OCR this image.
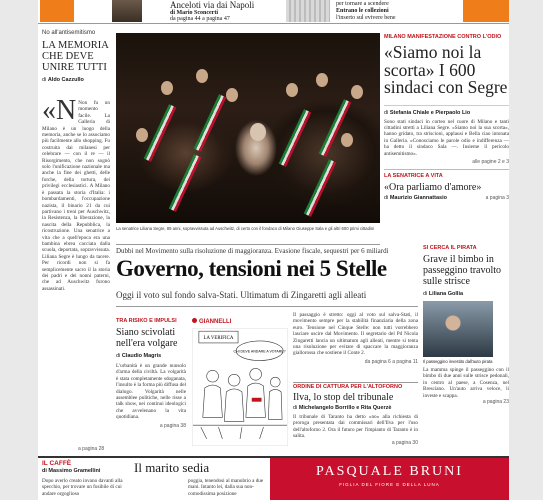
Anceloti via dai Napoli
di Mario Sconcerti
da pagina 44 a pagina 47
per tornare a scendere
Entrano le collezioni
l'inserto sul evivere bene
No all'antisemitismo
LA MEMORIA CHE DEVE UNIRE TUTTI
di Aldo Cazzullo
«N Non fu un momento facile. La Galleria di Milano è un luogo della memoria, anche se lo associamo più facilmente allo shopping. Fu costruita dai milanesi per celebrare — con il re — il Risorgimento, che non sognò solo l'unificazione nazionale ma anche la fine dei ghetti, delle forche, della tortura, dei privilegi ecclesiastici. A Milano è passata la storia d'Italia: i bombardamenti, l'occupazione nazista, il binario 21 da cui partivano i treni per Auschwitz, la Resistenza, la liberazione, la nascita della Repubblica, la ricostruzione. Una senatrice a vita che a quell'epoca era una bambina ebrea cacciata dalla scuola, deportata, sopravvissuta. Liliana Segre è lungo da tacere. Per ricordi non si fa semplicemente sacro il la storia dei padri e dei nonni paterni, che ad Auschwitz furono assassinati.
a pagina 28
La senatrice Liliana Segre, 89 anni, sopravvissuta ad Auschwitz, di certo con il fondaco di Milano Giuseppe Sala e gli altri 600 primi cittadini
MILANO MANIFESTAZIONE CONTRO L'ODIO
«Siamo noi la scorta» I 600 sindaci con Segre
di Stefania Chiale e Pierpaolo Lio
Sono stati sindaci in corteo nel cuore di Milano e tanti cittadini stretti a Liliana Segre. «Siamo noi la sua scorta», hanno gridato, tra striscioni, applausi e Bella ciao intonata in Galleria. «Conosciamo le parole odio e indifferenza — ha detto il sindaco Sala —. Insieme il pericolo antisemitismo».
alle pagine 2 e 3
LA SENATRICE A VITA
«Ora parliamo d'amore»
di Maurizio Giannattasio	a pagina 3
Dubbi nel Movimento sulla risoluzione di maggioranza. Evasione fiscale, sequestri per 6 miliardi
Governo, tensioni nei 5 Stelle
Oggi il voto sul fondo salva-Stati. Ultimatum di Zingaretti agli alleati
TRA RISIKO E IMPULSI
Siano scivolati nell'era volgare
di Claudio Magris
L'urbanità è un grande nunsolo d'arma della civiltà. La volgarità è stata completamente sdoganata, l'insulto è la forma più diffusa del dialogo. Volgarità nelle assemblee politiche, nelle risse a talk show, nei continui ideologici che avvelenano la vita quotidiana.
a pagina 38
GIANNELLI
LA VERIFICA
CHI DEVE ANDARE A VOTARE?
Il passaggio è stretto: oggi al voto sul salva-Stati, il movimento sempre per la stabilità finanziaria della zona euro. Tensione nel Cinque Stelle: non tutti vorrebbero lasciare uscire dal Movimento. Il segretario del Pd Nicola Zingaretti lancia un ultimatum agli alleati, mentre si tenta una risoluzione per evitare di spaccare la maggioranza giallorossa che sostiene il Conte 2.
da pagina 6 a pagina 11
ORDINE DI CATTURA PER L'ALTOFORNO
Ilva, lo stop del tribunale
di Michelangelo Borrillo e Rita Querzè
Il tribunale di Taranto ha detto «no» alla richiesta di proroga presentata dai commissari dell'Ilva per l'uso dell'altoforno 2. Ora il futuro per l'impianto di Taranto è in salita.
a pagina 30
SI CERCA IL PIRATA
Grave il bimbo in passeggino travolto sulle strisce
di Liliana Gollia
Il passeggino investito dall'auto pirata
La mamma spinge il passeggino con il bimbo di due anni sulle strisce pedonali, in centro al paese, a Cosenza, nel Bresciano. Un'auto arriva veloce, li investe e scappa.
a pagina 23
IL CAFFÈ
di Massimo Gramellini
Dopo averlo creato invano davanti alla specchio, per trovare un fusibile di cui andare orgoglioso
Il marito sedia
poggia, tenendosi al manubrio a due mani. Intanto lei, dalla sua non-comodissima posizione
PASQUALE BRUNI
FIGLIA DEL FIORE E DELLA LUNA
